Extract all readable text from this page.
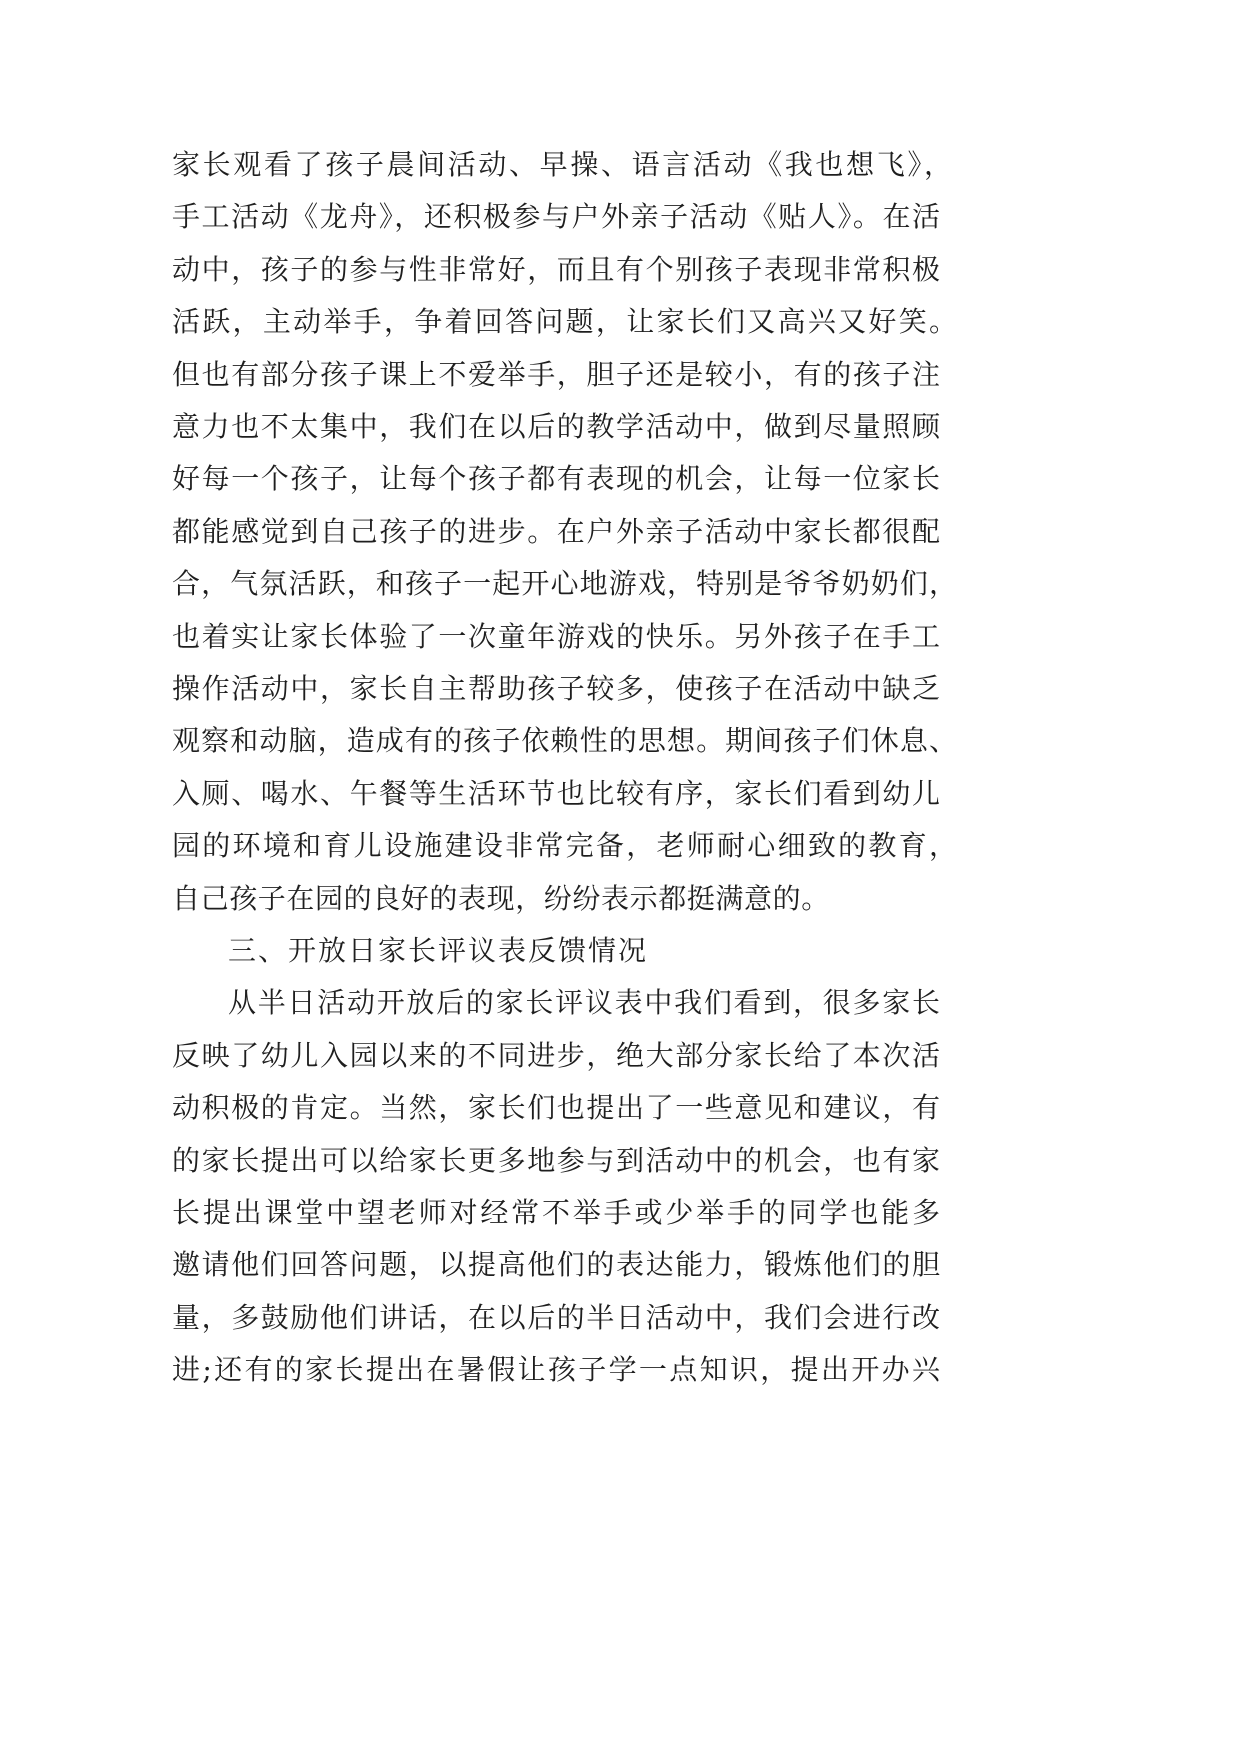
家长观看了孩子晨间活动、早操、语言活动《我也想飞》，
手工活动《龙舟》，还积极参与户外亲子活动《贴人》。在活
动中，孩子的参与性非常好，而且有个别孩子表现非常积极
活跃，主动举手，争着回答问题，让家长们又高兴又好笑。
但也有部分孩子课上不爱举手，胆子还是较小，有的孩子注
意力也不太集中，我们在以后的教学活动中，做到尽量照顾
好每一个孩子，让每个孩子都有表现的机会，让每一位家长
都能感觉到自己孩子的进步。在户外亲子活动中家长都很配
合，气氛活跃，和孩子一起开心地游戏，特别是爷爷奶奶们，
也着实让家长体验了一次童年游戏的快乐。另外孩子在手工
操作活动中，家长自主帮助孩子较多，使孩子在活动中缺乏
观察和动脑，造成有的孩子依赖性的思想。期间孩子们休息、
入厕、喝水、午餐等生活环节也比较有序，家长们看到幼儿
园的环境和育儿设施建设非常完备，老师耐心细致的教育，
自己孩子在园的良好的表现，纷纷表示都挺满意的。
三、开放日家长评议表反馈情况
从半日活动开放后的家长评议表中我们看到，很多家长
反映了幼儿入园以来的不同进步，绝大部分家长给了本次活
动积极的肯定。当然，家长们也提出了一些意见和建议，有
的家长提出可以给家长更多地参与到活动中的机会，也有家
长提出课堂中望老师对经常不举手或少举手的同学也能多
邀请他们回答问题，以提高他们的表达能力，锻炼他们的胆
量，多鼓励他们讲话，在以后的半日活动中，我们会进行改
进;还有的家长提出在暑假让孩子学一点知识，提出开办兴
